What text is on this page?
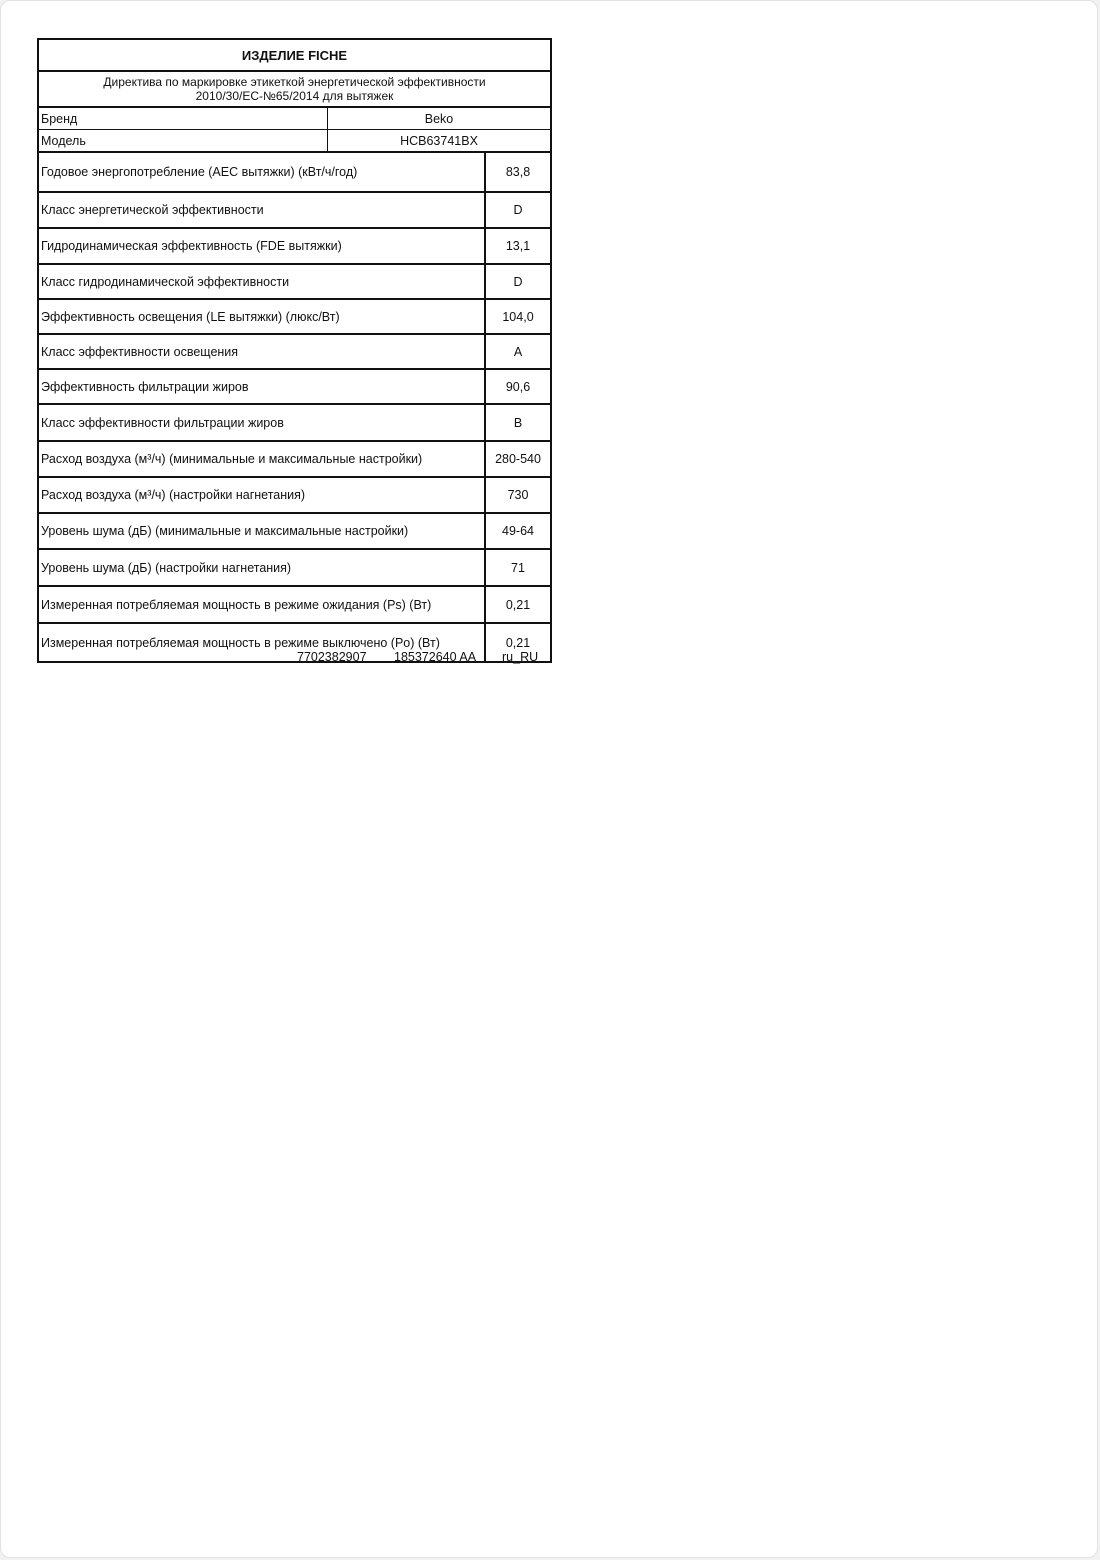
ИЗДЕЛИЕ FICHE
Директива по маркировке этикеткой энергетической эффективности
2010/30/EC-№65/2014 для вытяжек
Бренд	Beko
Модель	HCB63741BX
Годовое энергопотребление (AEC вытяжки) (кВт/ч/год)	83,8
Класс энергетической эффективности	D
Гидродинамическая эффективность (FDE вытяжки)	13,1
Класс гидродинамической эффективности	D
Эффективность освещения (LE вытяжки) (люкс/Вт)	104,0
Класс эффективности освещения	A
Эффективность фильтрации жиров	90,6
Класс эффективности фильтрации жиров	B
Расход воздуха (м³/ч) (минимальные и максимальные настройки)	280-540
Расход воздуха (м³/ч) (настройки нагнетания)	730
Уровень шума (дБ) (минимальные и максимальные настройки)	49-64
Уровень шума (дБ) (настройки нагнетания)	71
Измеренная потребляемая мощность в режиме ожидания (Ps) (Вт)	0,21
Измеренная потребляемая мощность в режиме выключено (Po) (Вт)	0,21
7702382907 185372640 AA ru_RU
